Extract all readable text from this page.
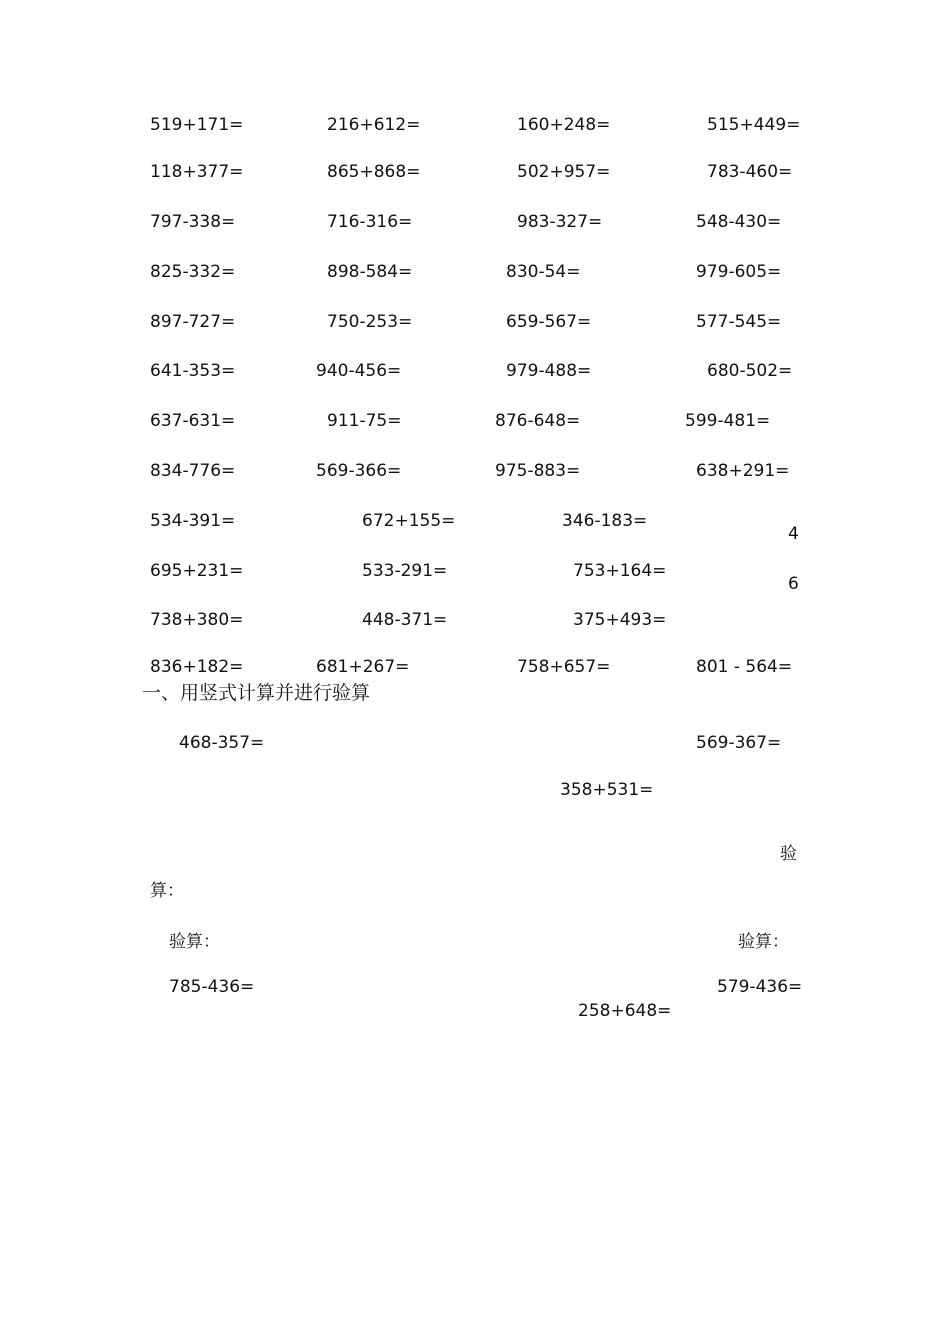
519+171=	216+612=	160+248=	515+449=
118+377=	865+868=	502+957=	783-460=
797-338=	716-316=	983-327=	548-430=
825-332=	898-584=	830-54=	979-605=
897-727=	750-253=	659-567=	577-545=
641-353=	940-456=	979-488=	680-502=
637-631=	911-75=	876-648=	599-481=
834-776=	569-366=	975-883=	638+291=
534-391=	672+155=	346-183=
4
695+231=	533-291=	753+164=
6
738+380=	448-371=	375+493=
836+182=	681+267=	758+657=	801 - 564=
一、用竖式计算并进行验算
468-357=	569-367=
358+531=
验
算：
验算：	验算：
785-436=	579-436=
258+648=
